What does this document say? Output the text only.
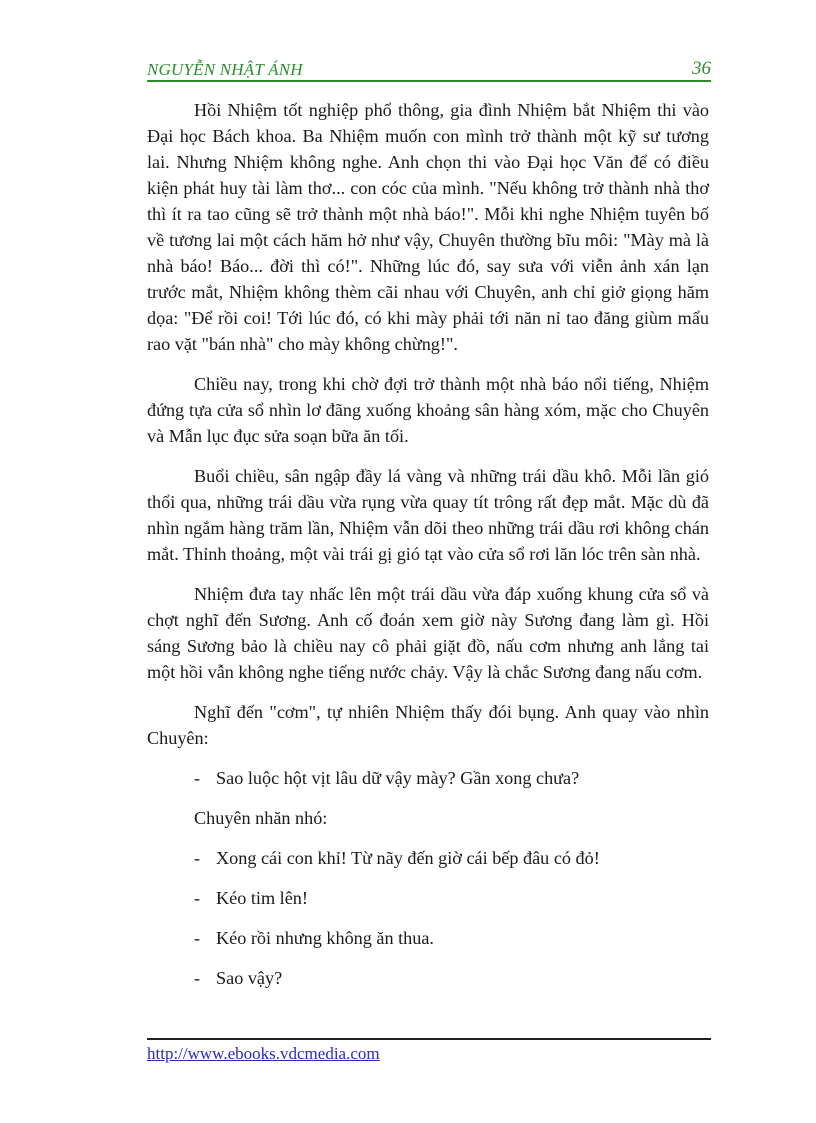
NGUYỄN NHẬT ÁNH	36

Hồi Nhiệm tốt nghiệp phổ thông, gia đình Nhiệm bắt Nhiệm thi vào Đại học Bách khoa. Ba Nhiệm muốn con mình trở thành một kỹ sư tương lai. Nhưng Nhiệm không nghe. Anh chọn thi vào Đại học Văn để có điều kiện phát huy tài làm thơ... con cóc của mình. "Nếu không trở thành nhà thơ thì ít ra tao cũng sẽ trở thành một nhà báo!". Mỗi khi nghe Nhiệm tuyên bố về tương lai một cách hăm hở như vậy, Chuyên thường bĩu môi: "Mày mà là nhà báo! Báo... đời thì có!". Những lúc đó, say sưa với viễn ảnh xán lạn trước mắt, Nhiệm không thèm cãi nhau với Chuyên, anh chỉ giở giọng hăm dọa: "Để rồi coi! Tới lúc đó, có khi mày phải tới năn nỉ tao đăng giùm mẩu rao vặt "bán nhà" cho mày không chừng!".

Chiều nay, trong khi chờ đợi trở thành một nhà báo nổi tiếng, Nhiệm đứng tựa cửa sổ nhìn lơ đãng xuống khoảng sân hàng xóm, mặc cho Chuyên và Mẫn lục đục sửa soạn bữa ăn tối.

Buổi chiều, sân ngập đầy lá vàng và những trái dầu khô. Mỗi lần gió thổi qua, những trái dầu vừa rụng vừa quay tít trông rất đẹp mắt. Mặc dù đã nhìn ngắm hàng trăm lần, Nhiệm vẫn dõi theo những trái dầu rơi không chán mắt. Thỉnh thoảng, một vài trái gị gió tạt vào cửa sổ rơi lăn lóc trên sàn nhà.

Nhiệm đưa tay nhấc lên một trái dầu vừa đáp xuống khung cửa sổ và chợt nghĩ đến Sương. Anh cố đoán xem giờ này Sương đang làm gì. Hồi sáng Sương bảo là chiều nay cô phải giặt đồ, nấu cơm nhưng anh lắng tai một hồi vẫn không nghe tiếng nước chảy. Vậy là chắc Sương đang nấu cơm.

Nghĩ đến "cơm", tự nhiên Nhiệm thấy đói bụng. Anh quay vào nhìn Chuyên:

- Sao luộc hột vịt lâu dữ vậy mày? Gần xong chưa?

Chuyên nhăn nhó:

- Xong cái con khỉ! Từ nãy đến giờ cái bếp đâu có đỏ!
- Kéo tim lên!
- Kéo rồi nhưng không ăn thua.
- Sao vậy?
http://www.ebooks.vdcmedia.com
